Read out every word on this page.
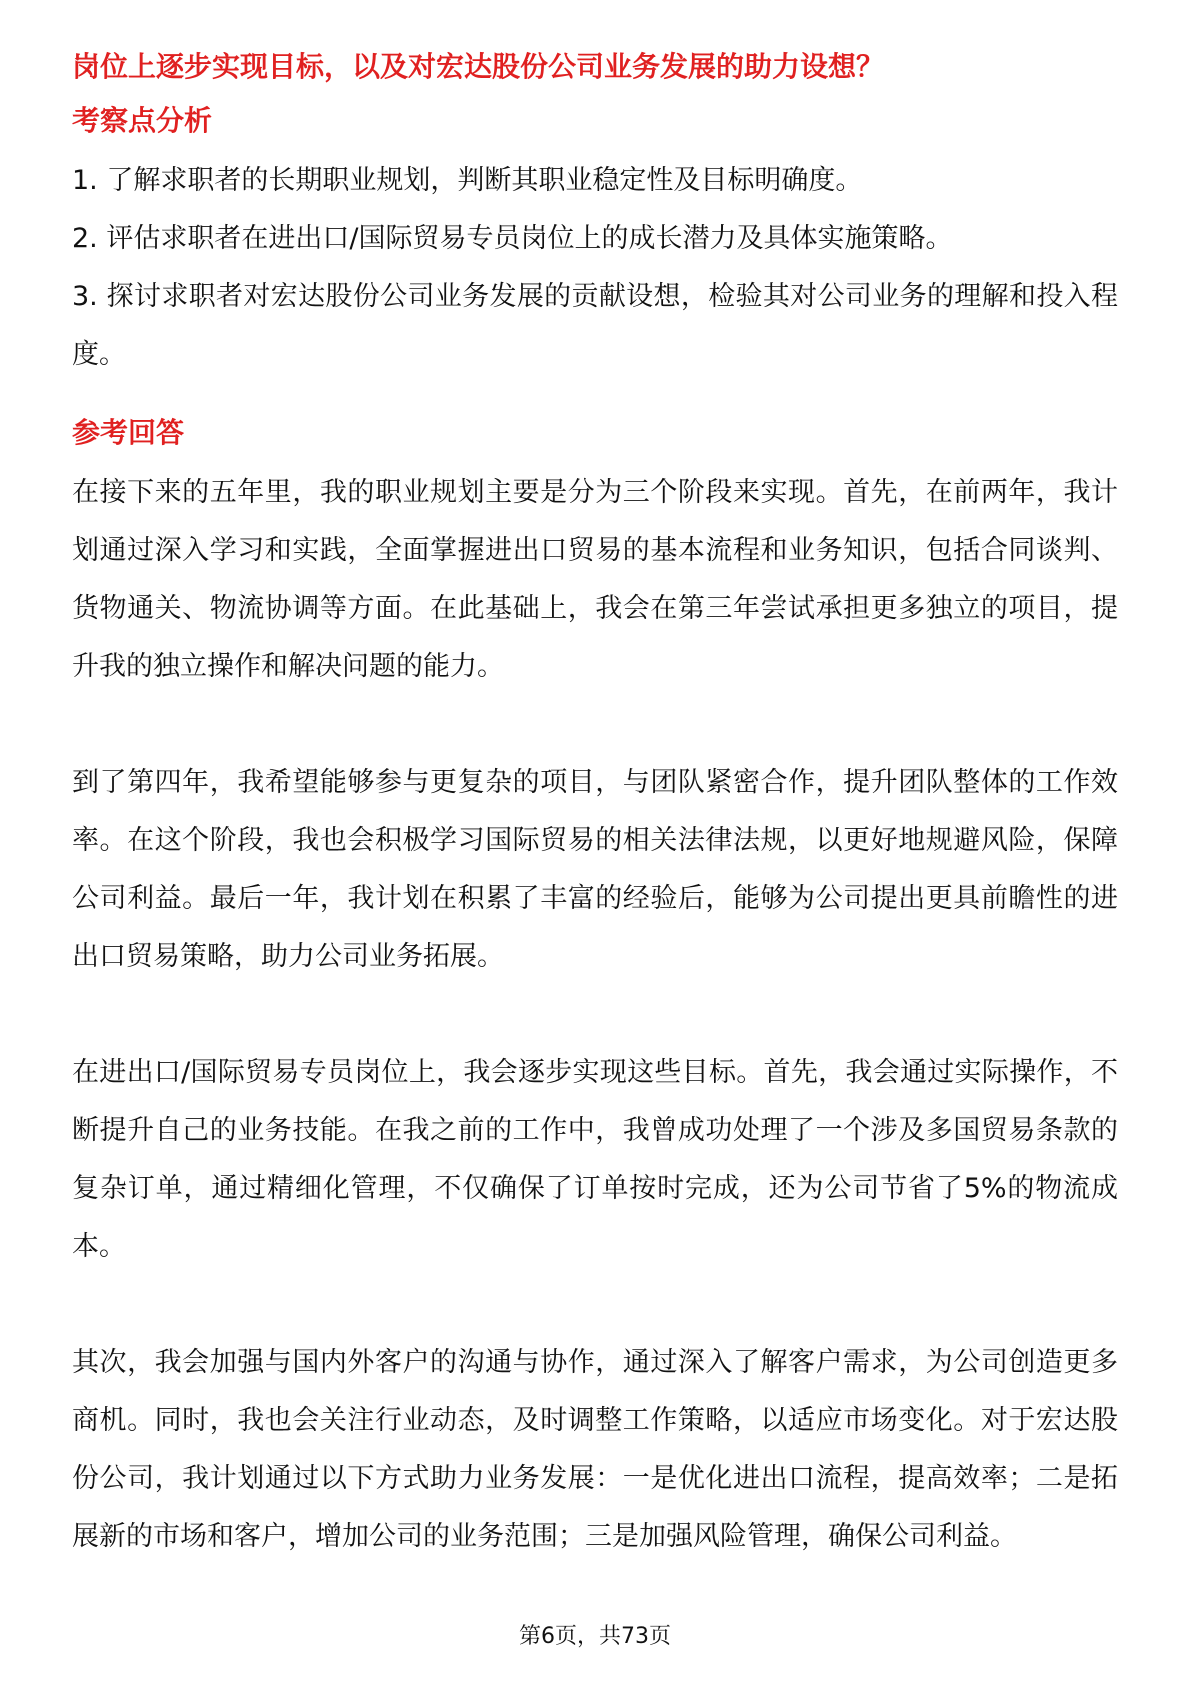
岗位上逐步实现目标，以及对宏达股份公司业务发展的助力设想？

考察点分析

1. 了解求职者的长期职业规划，判断其职业稳定性及目标明确度。

2. 评估求职者在进出口/国际贸易专员岗位上的成长潜力及具体实施策略。

3. 探讨求职者对宏达股份公司业务发展的贡献设想，检验其对公司业务的理解和投入程度。

参考回答

在接下来的五年里，我的职业规划主要是分为三个阶段来实现。首先，在前两年，我计划通过深入学习和实践，全面掌握进出口贸易的基本流程和业务知识，包括合同谈判、货物通关、物流协调等方面。在此基础上，我会在第三年尝试承担更多独立的项目，提升我的独立操作和解决问题的能力。

到了第四年，我希望能够参与更复杂的项目，与团队紧密合作，提升团队整体的工作效率。在这个阶段，我也会积极学习国际贸易的相关法律法规，以更好地规避风险，保障公司利益。最后一年，我计划在积累了丰富的经验后，能够为公司提出更具前瞻性的进出口贸易策略，助力公司业务拓展。

在进出口/国际贸易专员岗位上，我会逐步实现这些目标。首先，我会通过实际操作，不断提升自己的业务技能。在我之前的工作中，我曾成功处理了一个涉及多国贸易条款的复杂订单，通过精细化管理，不仅确保了订单按时完成，还为公司节省了5%的物流成本。

其次，我会加强与国内外客户的沟通与协作，通过深入了解客户需求，为公司创造更多商机。同时，我也会关注行业动态，及时调整工作策略，以适应市场变化。对于宏达股份公司，我计划通过以下方式助力业务发展：一是优化进出口流程，提高效率；二是拓展新的市场和客户，增加公司的业务范围；三是加强风险管理，确保公司利益。

第6页，共73页
